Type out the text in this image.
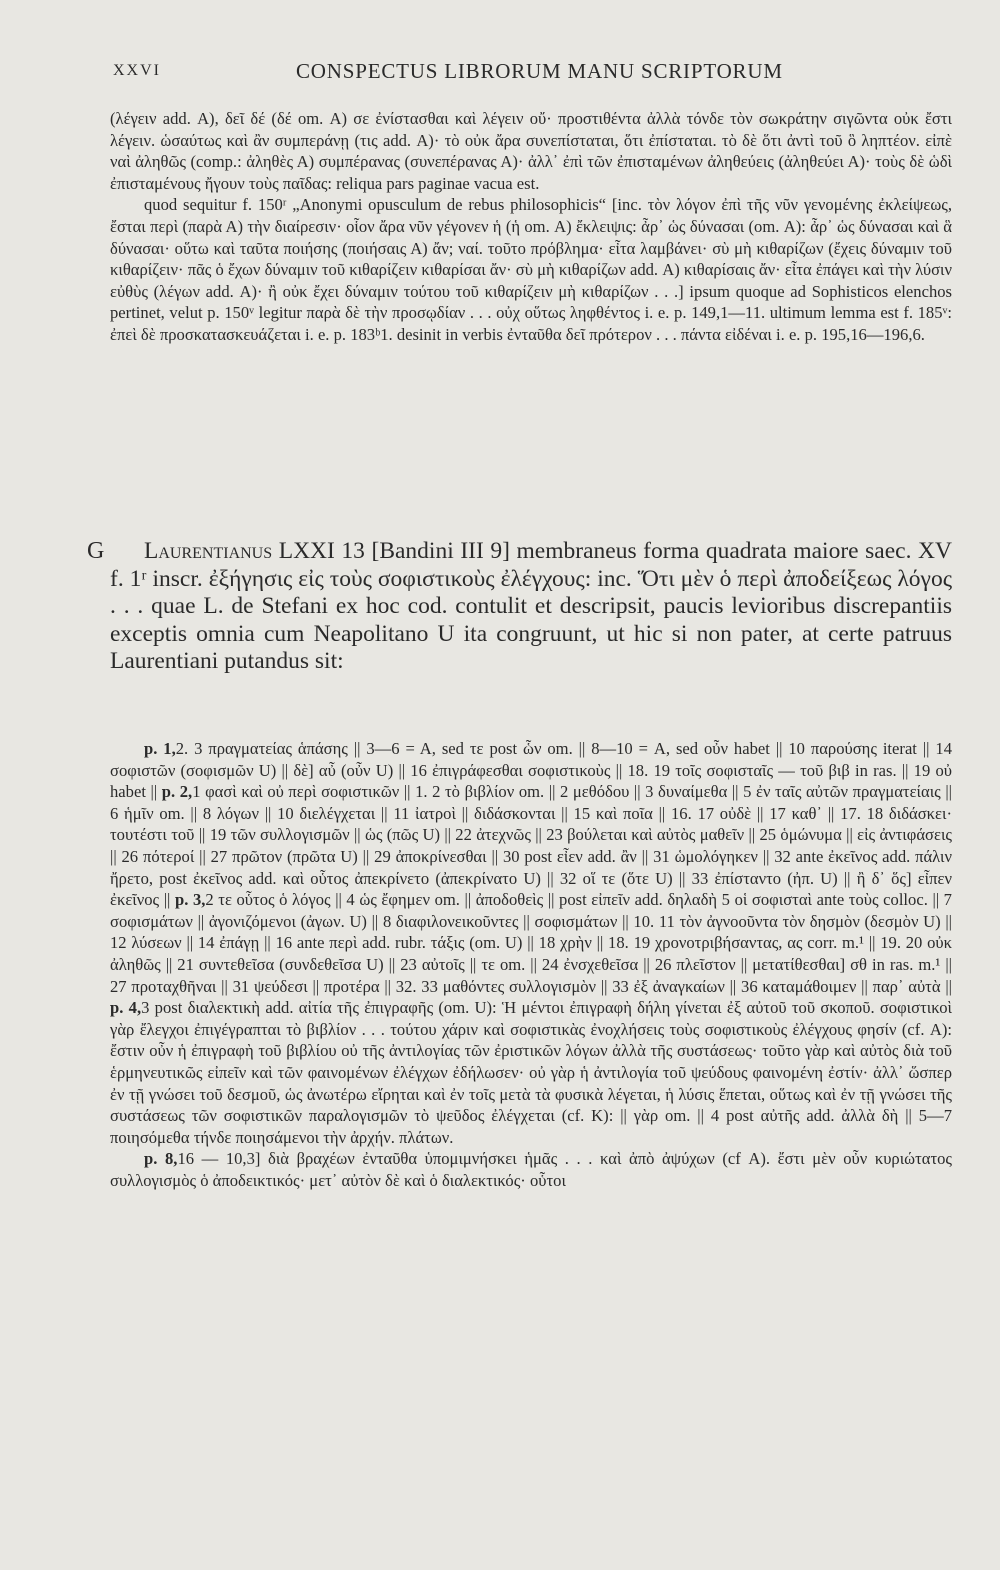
XXVI	CONSPECTUS LIBRORUM MANU SCRIPTORUM

(λέγειν add. Α), δεῖ δέ (δέ om. Α) σε ἐνίστασθαι καὶ λέγειν οὔ· προστιθέντα ἀλλὰ τόνδε τὸν σωκράτην σιγῶντα οὐκ ἔστι λέγειν. ὡσαύτως καὶ ἂν συμπεράνῃ (τις add. Α)· τὸ οὐκ ἄρα συνεπίσταται, ὅτι ἐπίσταται. τὸ δὲ ὅτι ἀντὶ τοῦ ὃ ληπτέον. εἰπὲ ναὶ ἀληθῶς (comp.: ἀληθὲς Α) συμπέρανας (συνεπέρανας Α)· ἀλλ᾽ ἐπὶ τῶν ἐπισταμένων ἀληθεύεις (ἀληθεύει Α)· τοὺς δὲ ὡδὶ ἐπισταμένους ἤγουν τοὺς παῖδας: reliqua pars paginae vacua est.

quod sequitur f. 150ʳ „Anonymi opusculum de rebus philosophicis“ [inc. τὸν λόγον ἐπὶ τῆς νῦν γενομένης ἐκλείψεως, ἔσται περὶ (παρὰ Α) τὴν διαίρεσιν· οἷον ἄρα νῦν γέγονεν ἡ (ἡ om. Α) ἔκλειψις: ἆρ᾽ ὡς δύνασαι (om. Α): ἆρ᾽ ὡς δύνασαι καὶ ἃ δύνασαι· οὕτω καὶ ταῦτα ποιήσης (ποιήσαις Α) ἄν; ναί. τοῦτο πρόβλημα· εἶτα λαμβάνει· σὺ μὴ κιθαρίζων (ἔχεις δύναμιν τοῦ κιθαρίζειν· πᾶς ὁ ἔχων δύναμιν τοῦ κιθαρίζειν κιθαρίσαι ἄν· σὺ μὴ κιθαρίζων add. Α) κιθαρίσαις ἄν· εἶτα ἐπάγει καὶ τὴν λύσιν εὐθὺς (λέγων add. Α)· ἢ οὐκ ἔχει δύναμιν τούτου τοῦ κιθαρίζειν μὴ κιθαρίζων . . .] ipsum quoque ad Sophisticos elenchos pertinet, velut p. 150ᵛ legitur παρὰ δὲ τὴν προσῳδίαν . . . οὐχ οὕτως ληφθέντος i. e. p. 149,1—11. ultimum lemma est f. 185ᵛ: ἐπεὶ δὲ προσκατασκευάζεται i. e. p. 183ᵇ1. desinit in verbis ἐνταῦθα δεῖ πρότερον . . . πάντα εἰδέναι i. e. p. 195,16—196,6.

G	Laurentianus LXXI 13 [Bandini III 9] membraneus forma quadrata maiore saec. XV f. 1ʳ inscr. ἐξήγησις εἰς τοὺς σοφιστικοὺς ἐλέγχους: inc. Ὅτι μὲν ὁ περὶ ἀποδείξεως λόγος . . . quae L. de Stefani ex hoc cod. contulit et descripsit, paucis levioribus discrepantiis exceptis omnia cum Neapolitano U ita congruunt, ut hic si non pater, at certe patruus Laurentiani putandus sit:

p. 1,2. 3 πραγματείας ἁπάσης || 3—6 = Α, sed τε post ὧν om. || 8—10 = Α, sed οὖν habet || 10 παρούσης iterat || 14 σοφιστῶν (σοφισμῶν U) || δὲ] αὖ (οὖν U) || 16 ἐπιγράφεσθαι σοφιστικοὺς || 18. 19 τοῖς σοφισταῖς — τοῦ βιβ in ras. || 19 οὐ habet || p. 2,1 φασὶ καὶ οὐ περὶ σοφιστικῶν || 1. 2 τὸ βιβλίον om. || 2 μεθόδου || 3 δυναίμεθα || 5 ἐν ταῖς αὐτῶν πραγματείαις || 6 ἡμῖν om. || 8 λόγων || 10 διελέγχεται || 11 ἰατροὶ || διδάσκονται || 15 καὶ ποῖα || 16. 17 οὐδὲ || 17 καθ᾽ || 17. 18 διδάσκει· τουτέστι τοῦ || 19 τῶν συλλογισμῶν || ὡς (πῶς U) || 22 ἀτεχνῶς || 23 βούλεται καὶ αὐτὸς μαθεῖν || 25 ὁμώνυμα || εἰς ἀντιφάσεις || 26 πότεροί || 27 πρῶτον (πρῶτα U) || 29 ἀποκρίνεσθαι || 30 post εἶεν add. ἂν || 31 ὡμολόγηκεν || 32 ante ἐκεῖνος add. πάλιν ἤρετο, post ἐκεῖνος add. καὶ οὗτος ἀπεκρίνετο (ἀπεκρίνατο U) || 32 οἵ τε (ὅτε U) || 33 ἐπίσταντο (ἠπ. U) || ἢ δ᾽ ὅς] εἶπεν ἐκεῖνος || p. 3,2 τε οὗτος ὁ λόγος || 4 ὡς ἔφημεν om. || ἀποδοθεὶς || post εἰπεῖν add. δηλαδὴ 5 οἱ σοφισταὶ ante τοὺς colloc. || 7 σοφισμάτων || ἀγονιζόμενοι (ἀγων. U) || 8 διαφιλονεικοῦντες || σοφισμάτων || 10. 11 τὸν ἀγνοοῦντα τὸν δησμὸν (δεσμὸν U) || 12 λύσεων || 14 ἐπάγῃ || 16 ante περὶ add. rubr. τάξις (om. U) || 18 χρὴν || 18. 19 χρονοτριβήσαντας, ας corr. m.¹ || 19. 20 οὐκ ἀληθῶς || 21 συντεθεῖσα (συνδεθεῖσα U) || 23 αὐτοῖς || τε om. || 24 ἐνσχεθεῖσα || 26 πλεῖστον || μετατίθεσθαι] σθ in ras. m.¹ || 27 προταχθῆναι || 31 ψεύδεσι || προτέρα || 32. 33 μαθόντες συλλογισμὸν || 33 ἐξ ἀναγκαίων || 36 καταμάθοιμεν || παρ᾽ αὐτὰ || p. 4,3 post διαλεκτικὴ add. αἰτία τῆς ἐπιγραφῆς (om. U): Ἡ μέντοι ἐπιγραφὴ δήλη γίνεται ἐξ αὐτοῦ τοῦ σκοποῦ. σοφιστικοὶ γὰρ ἔλεγχοι ἐπιγέγραπται τὸ βιβλίον . . . τούτου χάριν καὶ σοφιστικὰς ἐνοχλήσεις τοὺς σοφιστικοὺς ἐλέγχους φησίν (cf. Α): ἔστιν οὖν ἡ ἐπιγραφὴ τοῦ βιβλίου οὐ τῆς ἀντιλογίας τῶν ἐριστικῶν λόγων ἀλλὰ τῆς συστάσεως· τοῦτο γὰρ καὶ αὐτὸς διὰ τοῦ ἑρμηνευτικῶς εἰπεῖν καὶ τῶν φαινομένων ἐλέγχων ἐδήλωσεν· οὐ γὰρ ἡ ἀντιλογία τοῦ ψεύδους φαινομένη ἐστίν· ἀλλ᾽ ὥσπερ ἐν τῇ γνώσει τοῦ δεσμοῦ, ὡς ἀνωτέρω εἴρηται καὶ ἐν τοῖς μετὰ τὰ φυσικὰ λέγεται, ἡ λύσις ἕπεται, οὕτως καὶ ἐν τῇ γνώσει τῆς συστάσεως τῶν σοφιστικῶν παραλογισμῶν τὸ ψεῦδος ἐλέγχεται (cf. K): || γὰρ om. || 4 post αὐτῆς add. ἀλλὰ δὴ || 5—7 ποιησόμεθα τήνδε ποιησάμενοι τὴν ἀρχήν. πλάτων.

p. 8,16 — 10,3] διὰ βραχέων ἐνταῦθα ὑπομιμνήσκει ἡμᾶς . . . καὶ ἀπὸ ἀψύχων (cf Α). ἔστι μὲν οὖν κυριώτατος συλλογισμὸς ὁ ἀποδεικτικός· μετ᾽ αὐτὸν δὲ καὶ ὁ διαλεκτικός· οὗτοι
